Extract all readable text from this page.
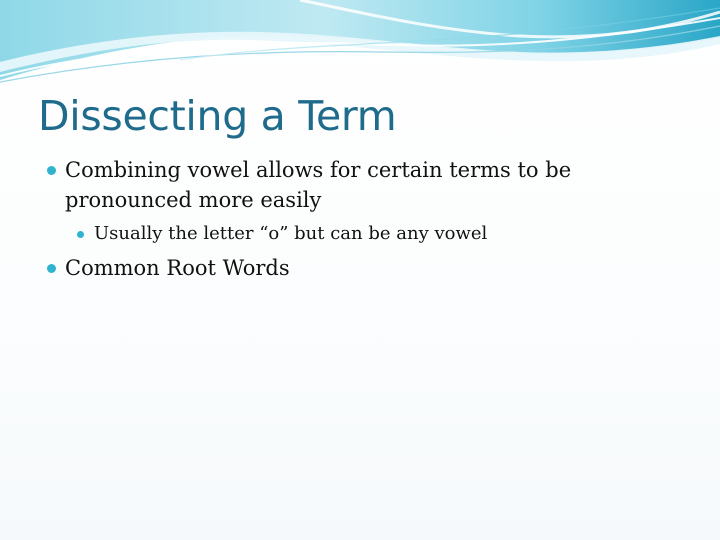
Dissecting a Term
Combining vowel allows for certain terms to be pronounced more easily
Usually the letter “o” but can be any vowel
Common Root Words
